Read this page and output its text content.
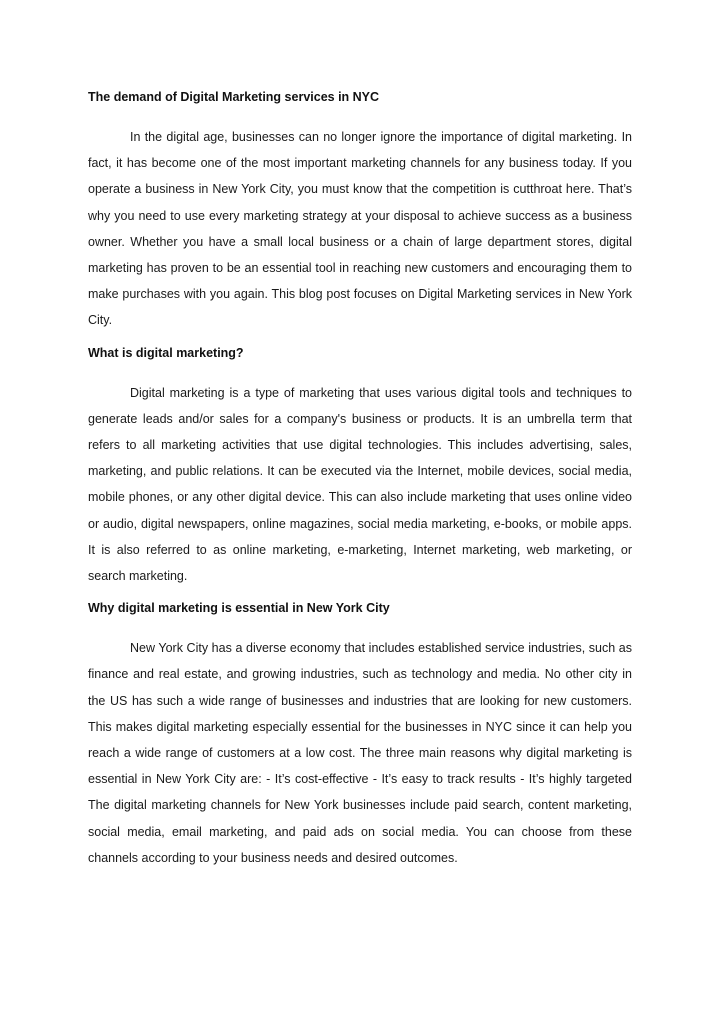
The demand of Digital Marketing services in NYC

In the digital age, businesses can no longer ignore the importance of digital marketing. In fact, it has become one of the most important marketing channels for any business today. If you operate a business in New York City, you must know that the competition is cutthroat here. That’s why you need to use every marketing strategy at your disposal to achieve success as a business owner. Whether you have a small local business or a chain of large department stores, digital marketing has proven to be an essential tool in reaching new customers and encouraging them to make purchases with you again. This blog post focuses on Digital Marketing services in New York City.

What is digital marketing?

Digital marketing is a type of marketing that uses various digital tools and techniques to generate leads and/or sales for a company's business or products. It is an umbrella term that refers to all marketing activities that use digital technologies. This includes advertising, sales, marketing, and public relations. It can be executed via the Internet, mobile devices, social media, mobile phones, or any other digital device. This can also include marketing that uses online video or audio, digital newspapers, online magazines, social media marketing, e-books, or mobile apps. It is also referred to as online marketing, e-marketing, Internet marketing, web marketing, or search marketing.

Why digital marketing is essential in New York City

New York City has a diverse economy that includes established service industries, such as finance and real estate, and growing industries, such as technology and media. No other city in the US has such a wide range of businesses and industries that are looking for new customers. This makes digital marketing especially essential for the businesses in NYC since it can help you reach a wide range of customers at a low cost. The three main reasons why digital marketing is essential in New York City are: - It’s cost-effective - It’s easy to track results - It’s highly targeted The digital marketing channels for New York businesses include paid search, content marketing, social media, email marketing, and paid ads on social media. You can choose from these channels according to your business needs and desired outcomes.
